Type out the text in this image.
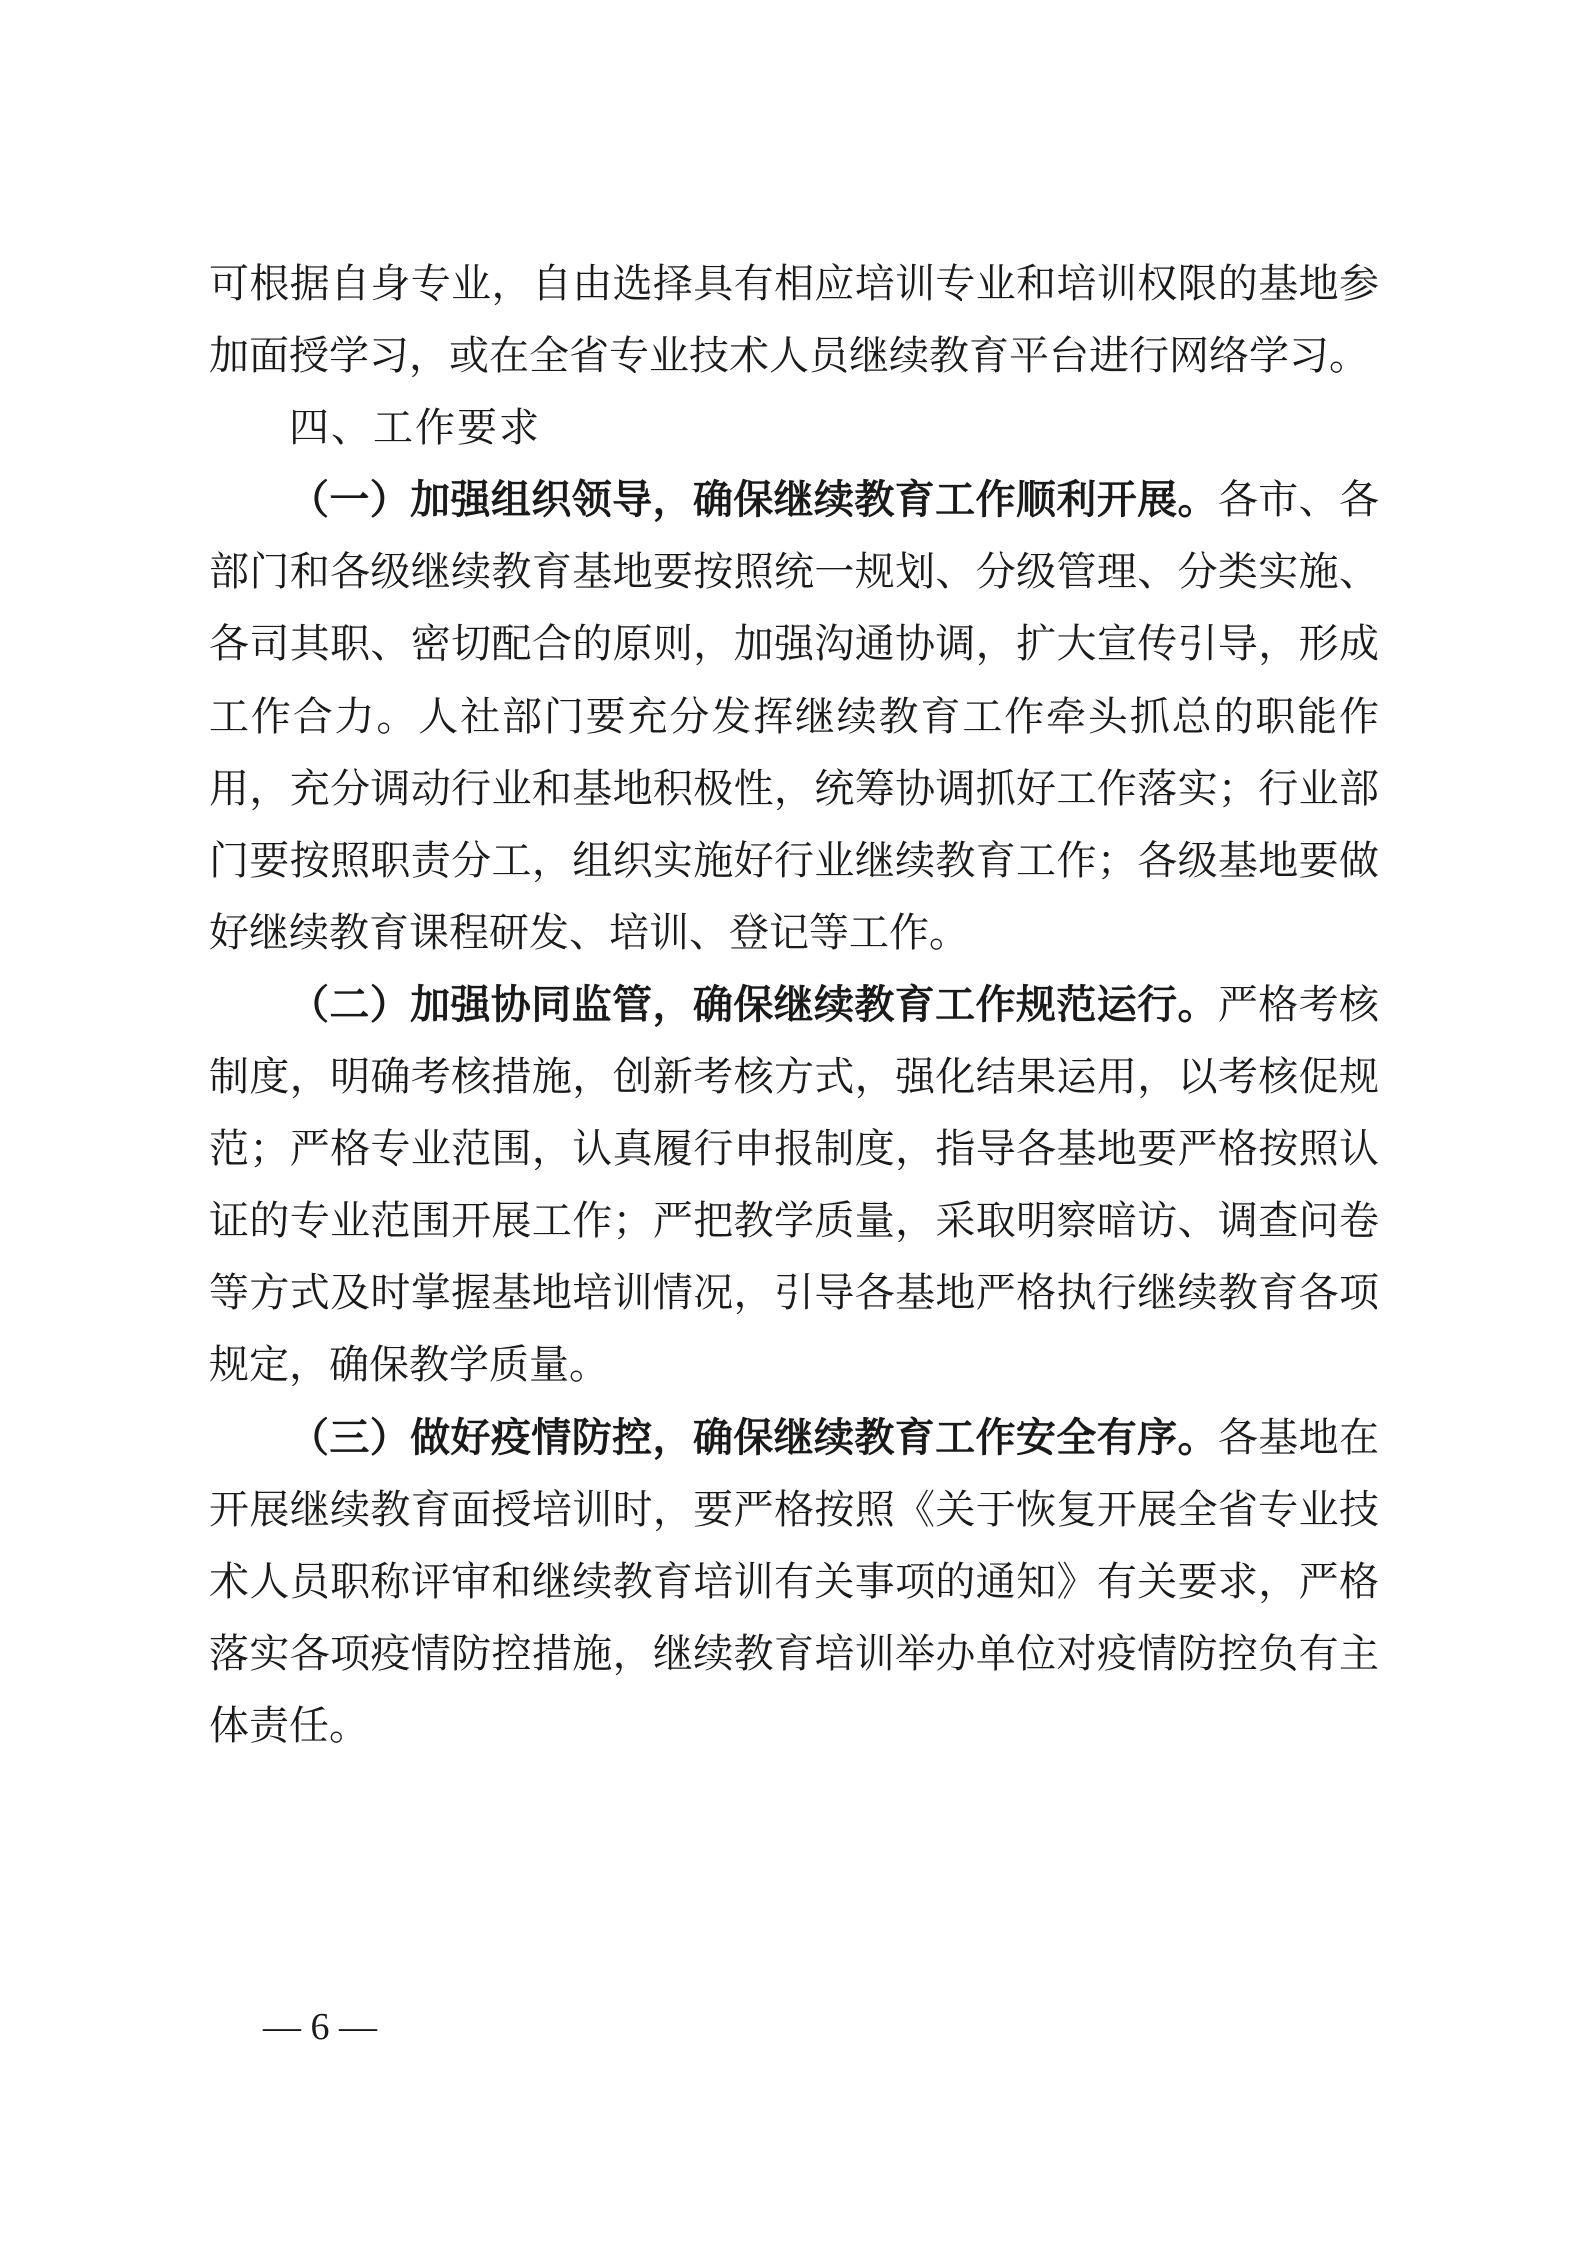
可根据自身专业，自由选择具有相应培训专业和培训权限的基地参加面授学习，或在全省专业技术人员继续教育平台进行网络学习。

四、工作要求

（一）加强组织领导，确保继续教育工作顺利开展。各市、各部门和各级继续教育基地要按照统一规划、分级管理、分类实施、各司其职、密切配合的原则，加强沟通协调，扩大宣传引导，形成工作合力。人社部门要充分发挥继续教育工作牵头抓总的职能作用，充分调动行业和基地积极性，统筹协调抓好工作落实；行业部门要按照职责分工，组织实施好行业继续教育工作；各级基地要做好继续教育课程研发、培训、登记等工作。

（二）加强协同监管，确保继续教育工作规范运行。严格考核制度，明确考核措施，创新考核方式，强化结果运用，以考核促规范；严格专业范围，认真履行申报制度，指导各基地要严格按照认证的专业范围开展工作；严把教学质量，采取明察暗访、调查问卷等方式及时掌握基地培训情况，引导各基地严格执行继续教育各项规定，确保教学质量。

（三）做好疫情防控，确保继续教育工作安全有序。各基地在开展继续教育面授培训时，要严格按照《关于恢复开展全省专业技术人员职称评审和继续教育培训有关事项的通知》有关要求，严格落实各项疫情防控措施，继续教育培训举办单位对疫情防控负有主体责任。

— 6 —
